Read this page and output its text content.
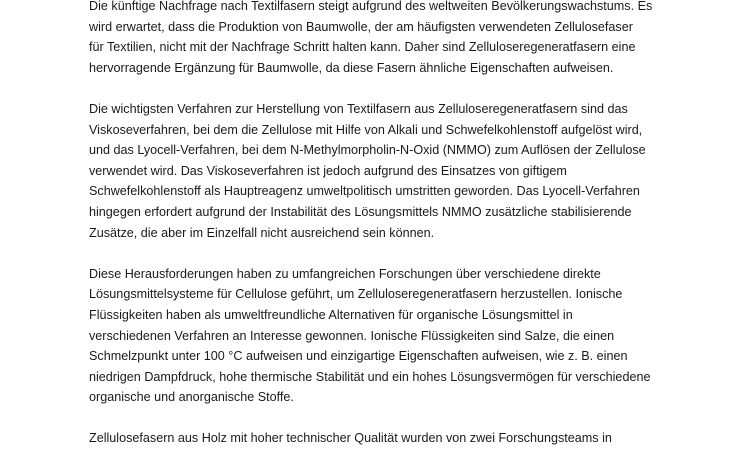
Die künftige Nachfrage nach Textilfasern steigt aufgrund des weltweiten Bevölkerungswachstums. Es
wird erwartet, dass die Produktion von Baumwolle, der am häufigsten verwendeten Zellulosefaser
für Textilien, nicht mit der Nachfrage Schritt halten kann. Daher sind Zelluloseregeneratfasern eine
hervorragende Ergänzung für Baumwolle, da diese Fasern ähnliche Eigenschaften aufweisen.

Die wichtigsten Verfahren zur Herstellung von Textilfasern aus Zelluloseregeneratfasern sind das
Viskoseverfahren, bei dem die Zellulose mit Hilfe von Alkali und Schwefelkohlenstoff aufgelöst wird,
und das Lyocell-Verfahren, bei dem N-Methylmorpholin-N-Oxid (NMMO) zum Auflösen der Zellulose
verwendet wird. Das Viskoseverfahren ist jedoch aufgrund des Einsatzes von giftigem
Schwefelkohlenstoff als Hauptreagenz umweltpolitisch umstritten geworden. Das Lyocell-Verfahren
hingegen erfordert aufgrund der Instabilität des Lösungsmittels NMMO zusätzliche stabilisierende
Zusätze, die aber im Einzelfall nicht ausreichend sein können.

Diese Herausforderungen haben zu umfangreichen Forschungen über verschiedene direkte
Lösungsmittelsysteme für Cellulose geführt, um Zelluloseregeneratfasern herzustellen. Ionische
Flüssigkeiten haben als umweltfreundliche Alternativen für organische Lösungsmittel in
verschiedenen Verfahren an Interesse gewonnen. Ionische Flüssigkeiten sind Salze, die einen
Schmelzpunkt unter 100 °C aufweisen und einzigartige Eigenschaften aufweisen, wie z. B. einen
niedrigen Dampfdruck, hohe thermische Stabilität und ein hohes Lösungsvermögen für verschiedene
organische und anorganische Stoffe.

Zellulosefasern aus Holz mit hoher technischer Qualität wurden von zwei Forschungsteams in
